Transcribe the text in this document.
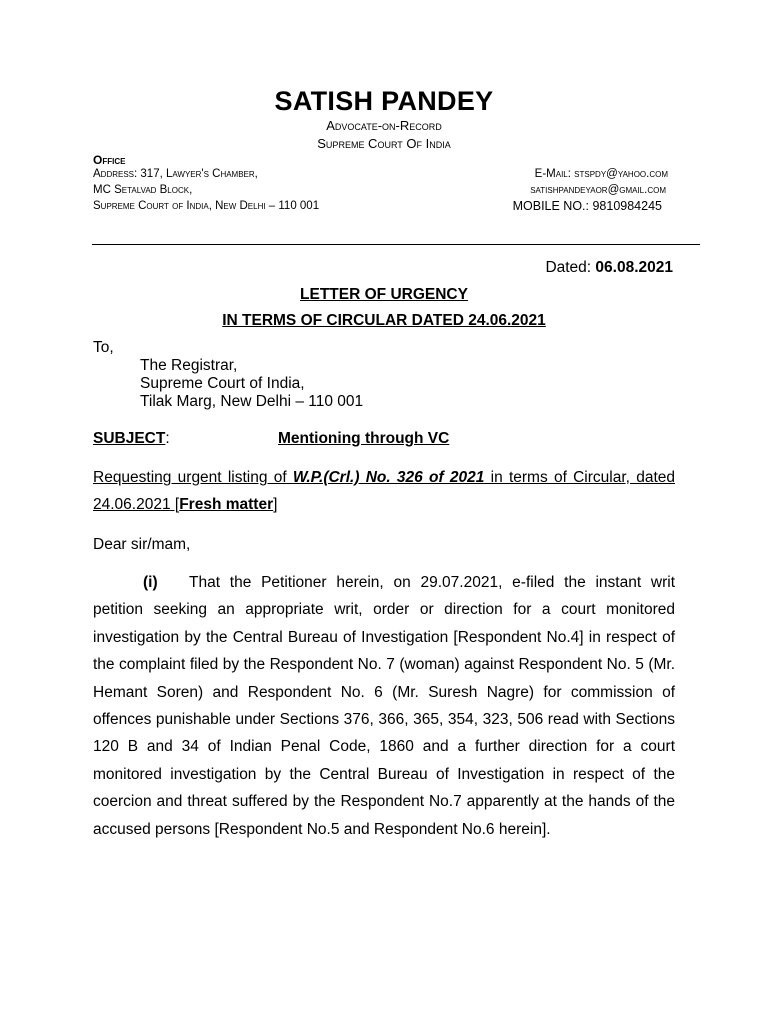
SATISH PANDEY
Advocate-on-Record
Supreme Court Of India
Office
Address: 317, Lawyer's Chamber,
MC Setalvad Block,
Supreme Court of India, New Delhi – 110 001
E-Mail: stspdy@yahoo.com
satishpandeyaor@gmail.com
MOBILE NO.: 9810984245
Dated: 06.08.2021
LETTER OF URGENCY
IN TERMS OF CIRCULAR DATED 24.06.2021
To,
The Registrar,
Supreme Court of India,
Tilak Marg, New Delhi – 110 001
SUBJECT:	Mentioning through VC
Requesting urgent listing of W.P.(Crl.) No. 326 of 2021 in terms of Circular, dated 24.06.2021 [Fresh matter]
Dear sir/mam,
(i) That the Petitioner herein, on 29.07.2021, e-filed the instant writ petition seeking an appropriate writ, order or direction for a court monitored investigation by the Central Bureau of Investigation [Respondent No.4] in respect of the complaint filed by the Respondent No. 7 (woman) against Respondent No. 5 (Mr. Hemant Soren) and Respondent No. 6 (Mr. Suresh Nagre) for commission of offences punishable under Sections 376, 366, 365, 354, 323, 506 read with Sections 120 B and 34 of Indian Penal Code, 1860 and a further direction for a court monitored investigation by the Central Bureau of Investigation in respect of the coercion and threat suffered by the Respondent No.7 apparently at the hands of the accused persons [Respondent No.5 and Respondent No.6 herein].
